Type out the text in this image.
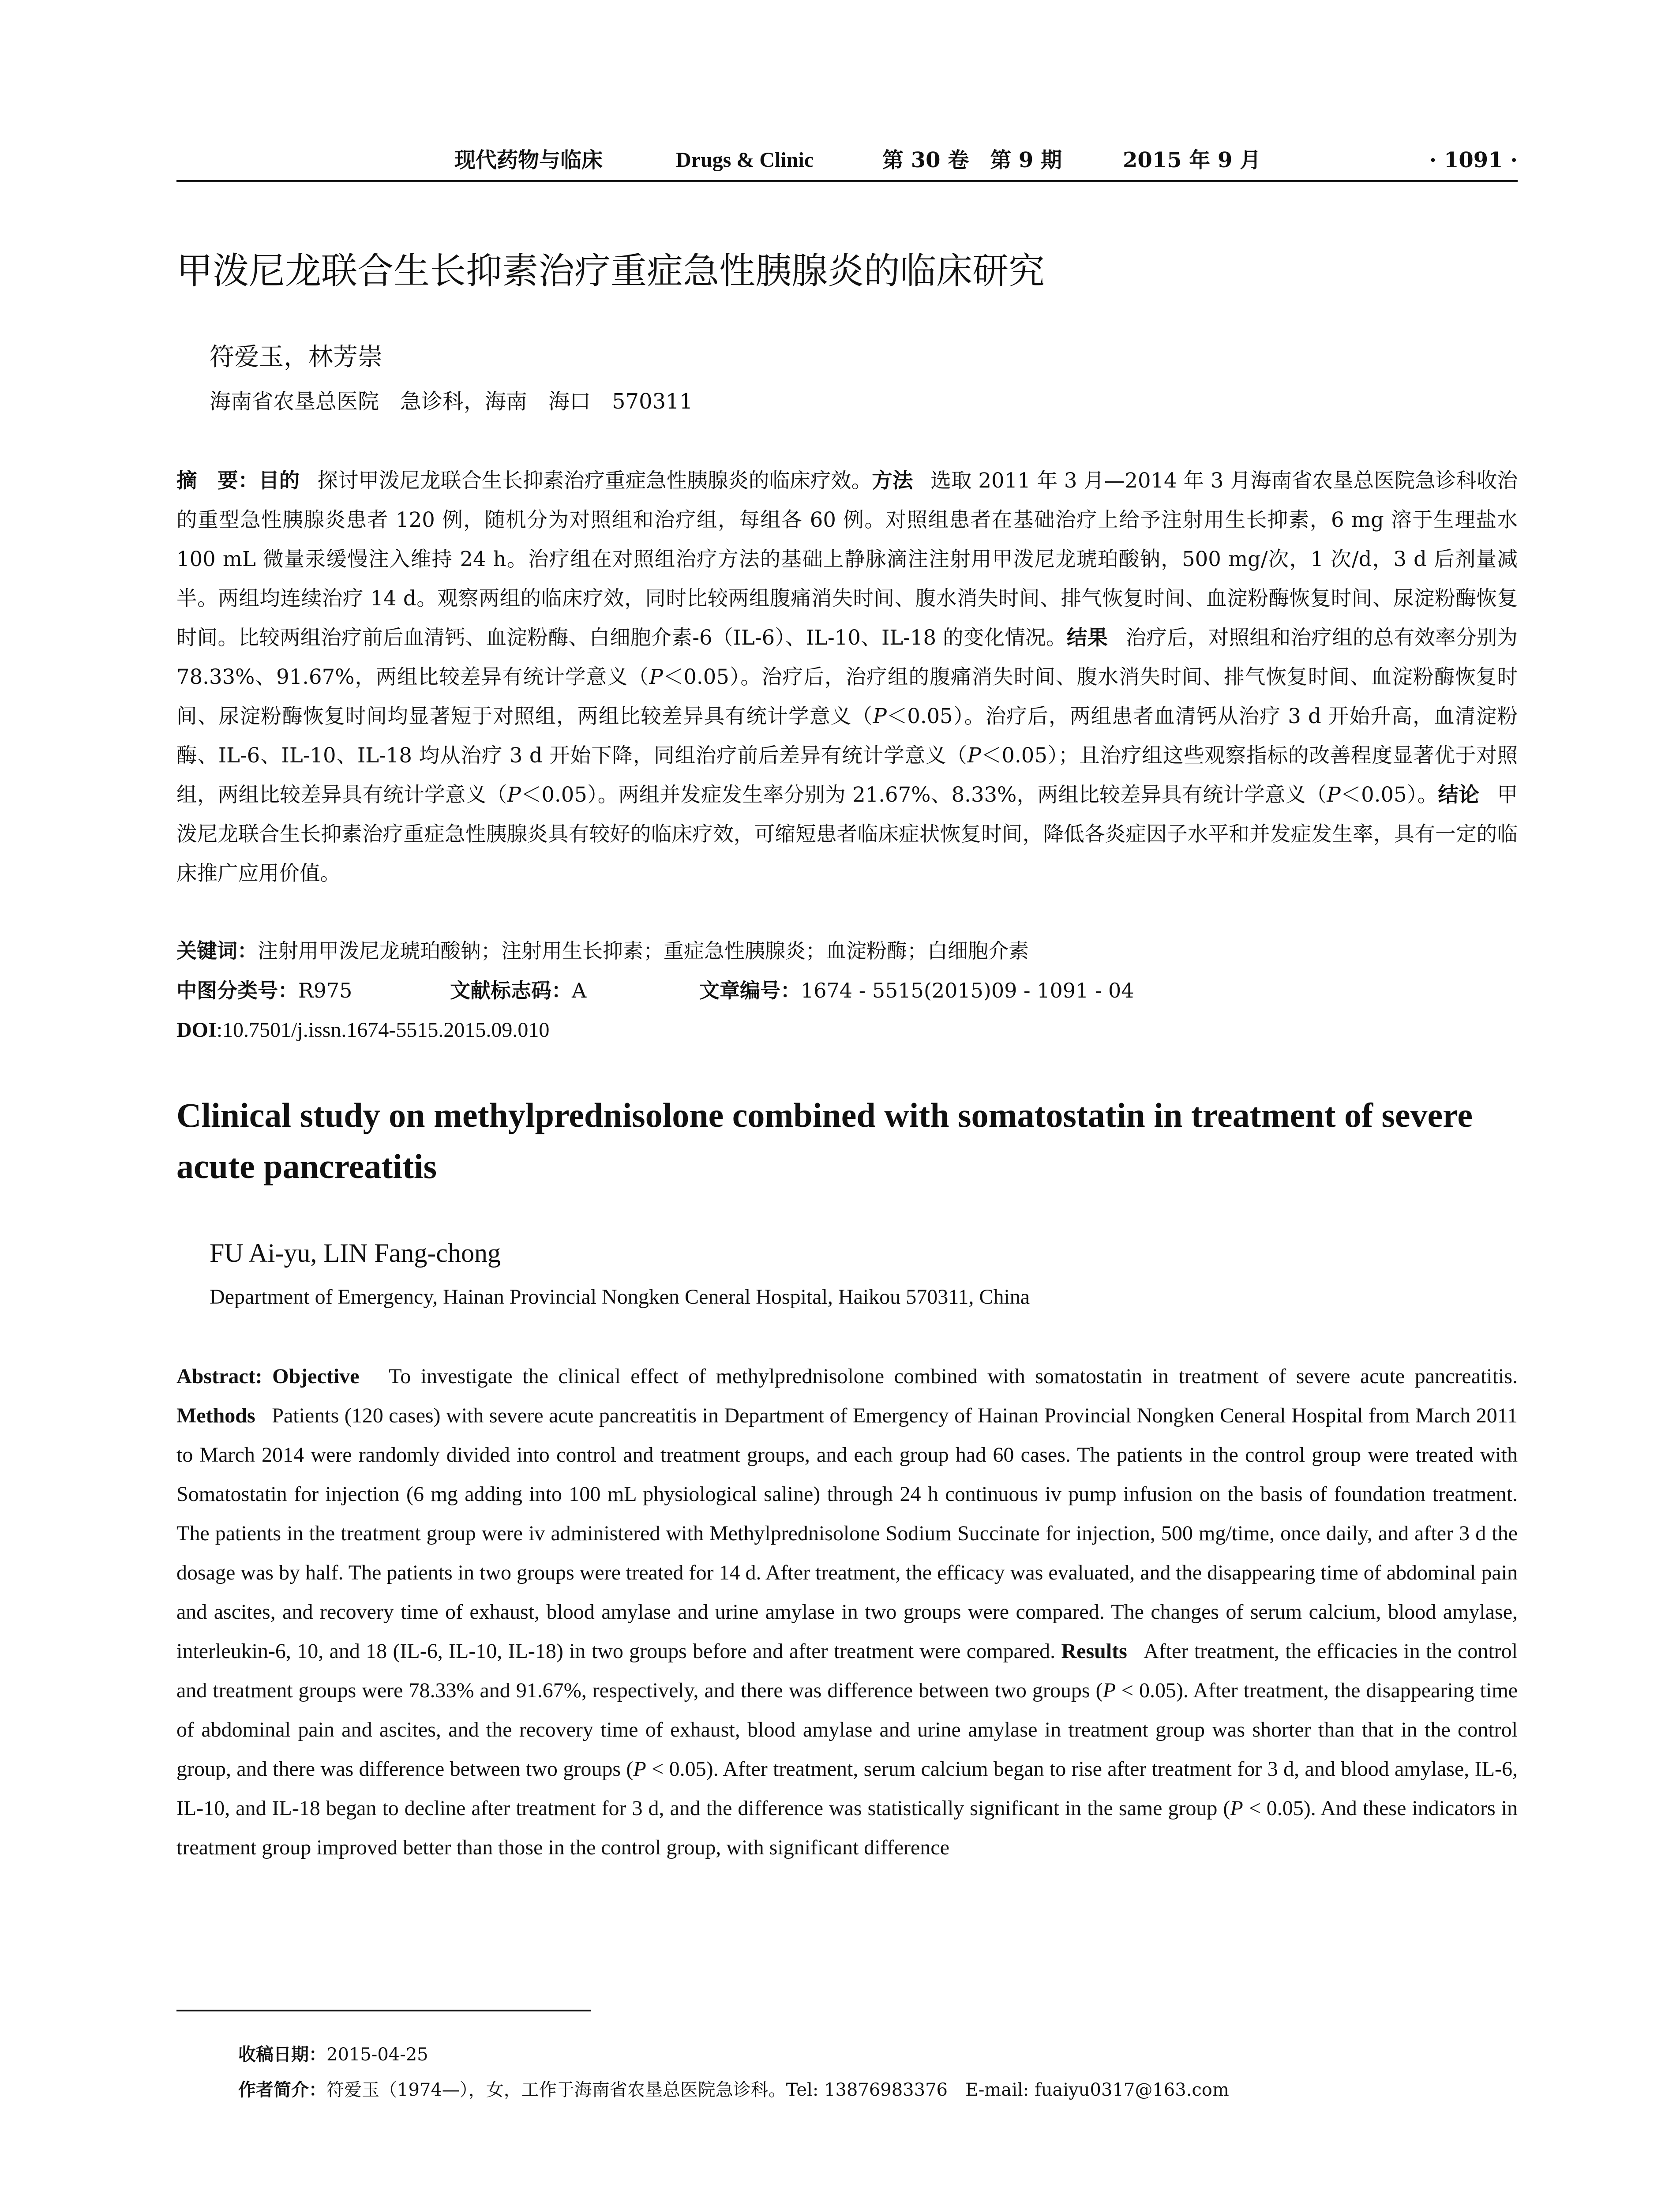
现代药物与临床	Drugs & Clinic	第 30 卷　第 9 期	2015 年 9 月	· 1091 ·
甲泼尼龙联合生长抑素治疗重症急性胰腺炎的临床研究
符爱玉，林芳崇
海南省农垦总医院　急诊科，海南　海口　570311
摘　要：目的 探讨甲泼尼龙联合生长抑素治疗重症急性胰腺炎的临床疗效。方法 选取 2011 年 3 月—2014 年 3 月海南省农垦总医院急诊科收治的重型急性胰腺炎患者 120 例，随机分为对照组和治疗组，每组各 60 例。对照组患者在基础治疗上给予注射用生长抑素，6 mg 溶于生理盐水 100 mL 微量汞缓慢注入维持 24 h。治疗组在对照组治疗方法的基础上静脉滴注注射用甲泼尼龙琥珀酸钠，500 mg/次，1 次/d，3 d 后剂量减半。两组均连续治疗 14 d。观察两组的临床疗效，同时比较两组腹痛消失时间、腹水消失时间、排气恢复时间、血淀粉酶恢复时间、尿淀粉酶恢复时间。比较两组治疗前后血清钙、血淀粉酶、白细胞介素-6（IL-6）、IL-10、IL-18 的变化情况。结果 治疗后，对照组和治疗组的总有效率分别为 78.33%、91.67%，两组比较差异有统计学意义（P＜0.05）。治疗后，治疗组的腹痛消失时间、腹水消失时间、排气恢复时间、血淀粉酶恢复时间、尿淀粉酶恢复时间均显著短于对照组，两组比较差异具有统计学意义（P＜0.05）。治疗后，两组患者血清钙从治疗 3 d 开始升高，血清淀粉酶、IL-6、IL-10、IL-18 均从治疗 3 d 开始下降，同组治疗前后差异有统计学意义（P＜0.05）；且治疗组这些观察指标的改善程度显著优于对照组，两组比较差异具有统计学意义（P＜0.05）。两组并发症发生率分别为 21.67%、8.33%，两组比较差异具有统计学意义（P＜0.05）。结论 甲泼尼龙联合生长抑素治疗重症急性胰腺炎具有较好的临床疗效，可缩短患者临床症状恢复时间，降低各炎症因子水平和并发症发生率，具有一定的临床推广应用价值。
关键词：注射用甲泼尼龙琥珀酸钠；注射用生长抑素；重症急性胰腺炎；血淀粉酶；白细胞介素
中图分类号：R975	文献标志码：A	文章编号：1674 - 5515(2015)09 - 1091 - 04
DOI:10.7501/j.issn.1674-5515.2015.09.010
Clinical study on methylprednisolone combined with somatostatin in treatment of severe acute pancreatitis
FU Ai-yu, LIN Fang-chong
Department of Emergency, Hainan Provincial Nongken Ceneral Hospital, Haikou 570311, China
Abstract: Objective To investigate the clinical effect of methylprednisolone combined with somatostatin in treatment of severe acute pancreatitis. Methods Patients (120 cases) with severe acute pancreatitis in Department of Emergency of Hainan Provincial Nongken Ceneral Hospital from March 2011 to March 2014 were randomly divided into control and treatment groups, and each group had 60 cases. The patients in the control group were treated with Somatostatin for injection (6 mg adding into 100 mL physiological saline) through 24 h continuous iv pump infusion on the basis of foundation treatment. The patients in the treatment group were iv administered with Methylprednisolone Sodium Succinate for injection, 500 mg/time, once daily, and after 3 d the dosage was by half. The patients in two groups were treated for 14 d. After treatment, the efficacy was evaluated, and the disappearing time of abdominal pain and ascites, and recovery time of exhaust, blood amylase and urine amylase in two groups were compared. The changes of serum calcium, blood amylase, interleukin-6, 10, and 18 (IL-6, IL-10, IL-18) in two groups before and after treatment were compared. Results After treatment, the efficacies in the control and treatment groups were 78.33% and 91.67%, respectively, and there was difference between two groups (P < 0.05). After treatment, the disappearing time of abdominal pain and ascites, and the recovery time of exhaust, blood amylase and urine amylase in treatment group was shorter than that in the control group, and there was difference between two groups (P < 0.05). After treatment, serum calcium began to rise after treatment for 3 d, and blood amylase, IL-6, IL-10, and IL-18 began to decline after treatment for 3 d, and the difference was statistically significant in the same group (P < 0.05). And these indicators in treatment group improved better than those in the control group, with significant difference
收稿日期：2015-04-25
作者简介：符爱玉（1974—），女，工作于海南省农垦总医院急诊科。Tel: 13876983376　E-mail: fuaiyu0317@163.com
